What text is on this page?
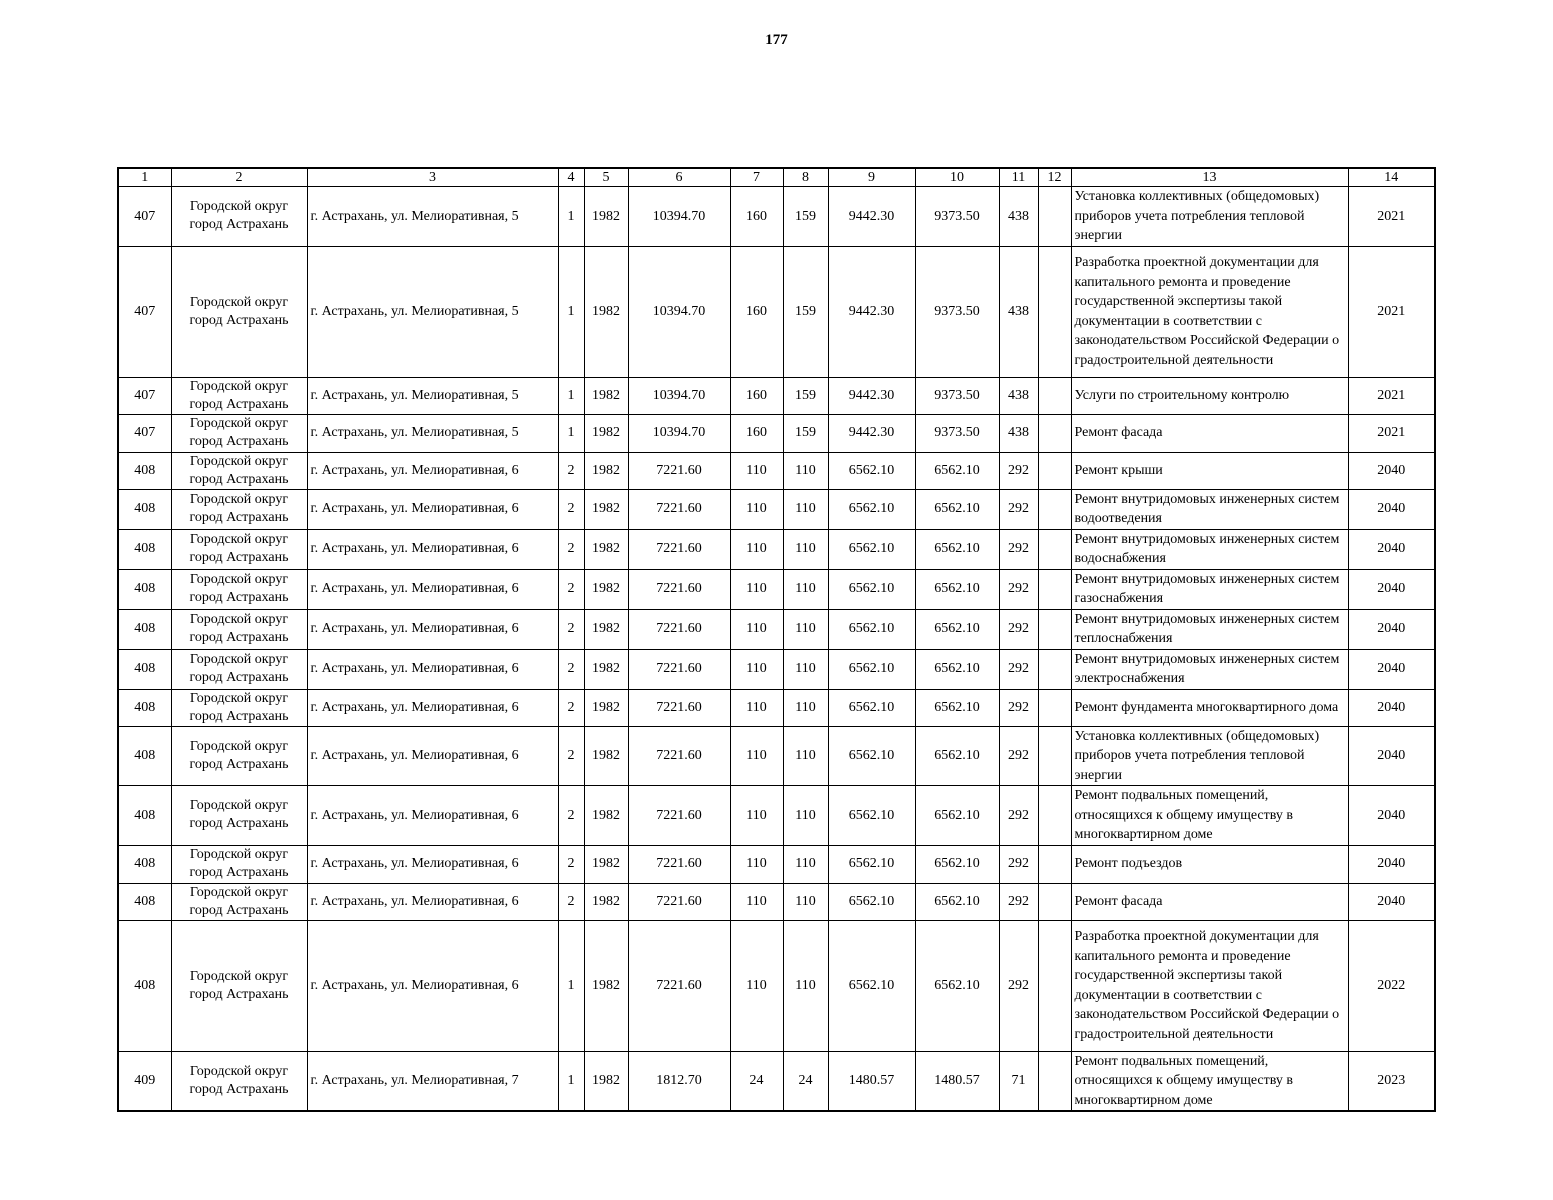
177
1	2	3	4	5	6	7	8	9	10	11	12	13	14
407	Городской округ город Астрахань	г. Астрахань, ул. Мелиоративная, 5	1	1982	10394.70	160	159	9442.30	9373.50	438		Установка коллективных (общедомовых) приборов учета потребления тепловой энергии	2021
407	Городской округ город Астрахань	г. Астрахань, ул. Мелиоративная, 5	1	1982	10394.70	160	159	9442.30	9373.50	438		Разработка проектной документации для капитального ремонта и проведение государственной экспертизы такой документации в соответствии с законодательством Российской Федерации о градостроительной деятельности	2021
407	Городской округ город Астрахань	г. Астрахань, ул. Мелиоративная, 5	1	1982	10394.70	160	159	9442.30	9373.50	438		Услуги по строительному контролю	2021
407	Городской округ город Астрахань	г. Астрахань, ул. Мелиоративная, 5	1	1982	10394.70	160	159	9442.30	9373.50	438		Ремонт фасада	2021
408	Городской округ город Астрахань	г. Астрахань, ул. Мелиоративная, 6	2	1982	7221.60	110	110	6562.10	6562.10	292		Ремонт крыши	2040
408	Городской округ город Астрахань	г. Астрахань, ул. Мелиоративная, 6	2	1982	7221.60	110	110	6562.10	6562.10	292		Ремонт внутридомовых инженерных систем водоотведения	2040
408	Городской округ город Астрахань	г. Астрахань, ул. Мелиоративная, 6	2	1982	7221.60	110	110	6562.10	6562.10	292		Ремонт внутридомовых инженерных систем водоснабжения	2040
408	Городской округ город Астрахань	г. Астрахань, ул. Мелиоративная, 6	2	1982	7221.60	110	110	6562.10	6562.10	292		Ремонт внутридомовых инженерных систем газоснабжения	2040
408	Городской округ город Астрахань	г. Астрахань, ул. Мелиоративная, 6	2	1982	7221.60	110	110	6562.10	6562.10	292		Ремонт внутридомовых инженерных систем теплоснабжения	2040
408	Городской округ город Астрахань	г. Астрахань, ул. Мелиоративная, 6	2	1982	7221.60	110	110	6562.10	6562.10	292		Ремонт внутридомовых инженерных систем электроснабжения	2040
408	Городской округ город Астрахань	г. Астрахань, ул. Мелиоративная, 6	2	1982	7221.60	110	110	6562.10	6562.10	292		Ремонт фундамента многоквартирного дома	2040
408	Городской округ город Астрахань	г. Астрахань, ул. Мелиоративная, 6	2	1982	7221.60	110	110	6562.10	6562.10	292		Установка коллективных (общедомовых) приборов учета потребления тепловой энергии	2040
408	Городской округ город Астрахань	г. Астрахань, ул. Мелиоративная, 6	2	1982	7221.60	110	110	6562.10	6562.10	292		Ремонт подвальных помещений, относящихся к общему имуществу в многоквартирном доме	2040
408	Городской округ город Астрахань	г. Астрахань, ул. Мелиоративная, 6	2	1982	7221.60	110	110	6562.10	6562.10	292		Ремонт подъездов	2040
408	Городской округ город Астрахань	г. Астрахань, ул. Мелиоративная, 6	2	1982	7221.60	110	110	6562.10	6562.10	292		Ремонт фасада	2040
408	Городской округ город Астрахань	г. Астрахань, ул. Мелиоративная, 6	1	1982	7221.60	110	110	6562.10	6562.10	292		Разработка проектной документации для капитального ремонта и проведение государственной экспертизы такой документации в соответствии с законодательством Российской Федерации о градостроительной деятельности	2022
409	Городской округ город Астрахань	г. Астрахань, ул. Мелиоративная, 7	1	1982	1812.70	24	24	1480.57	1480.57	71		Ремонт подвальных помещений, относящихся к общему имуществу в многоквартирном доме	2023
